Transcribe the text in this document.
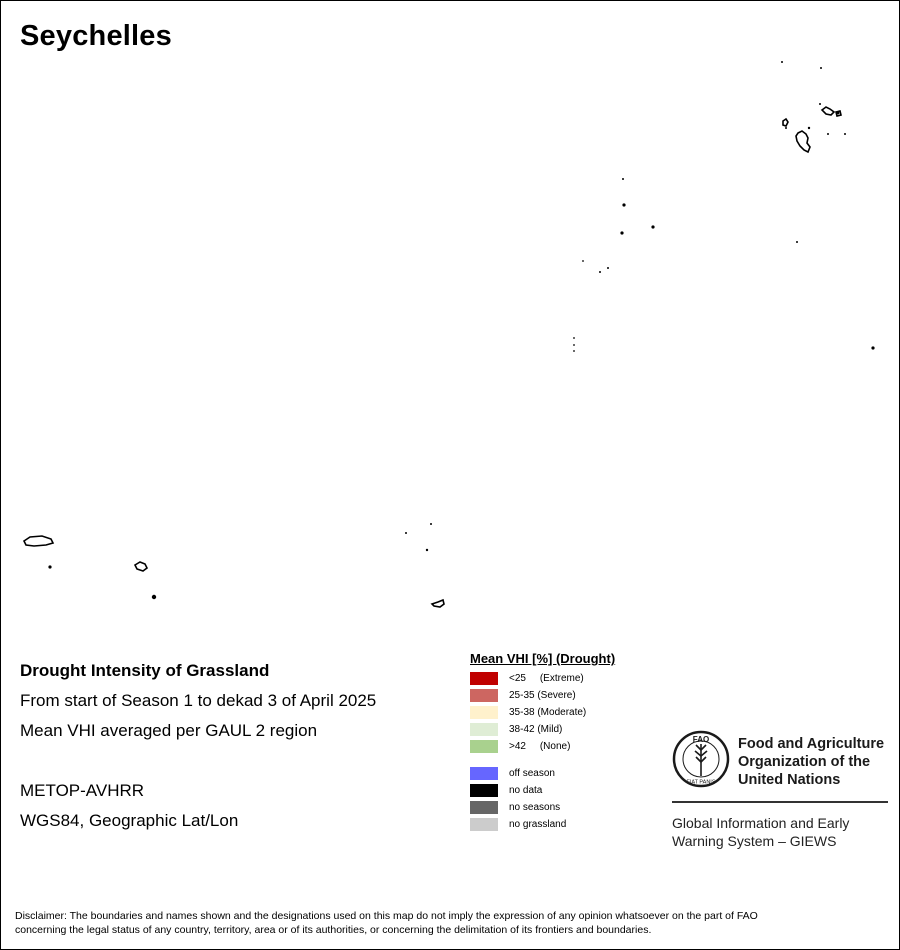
Seychelles
Drought Intensity of Grassland
From start of Season 1 to dekad 3 of April 2025
Mean VHI averaged per GAUL 2 region
METOP-AVHRR
WGS84, Geographic Lat/Lon
Mean VHI [%] (Drought)
<25     (Extreme)
25-35 (Severe)
35-38 (Moderate)
38-42 (Mild)
>42     (None)
off season
no data
no seasons
no grassland
FAO
FIAT PANIS
Food and Agriculture
Organization of the
United Nations
Global Information and Early
Warning System – GIEWS
Disclaimer: The boundaries and names shown and the designations used on this map do not imply the expression of any opinion whatsoever on the part of FAO
concerning the legal status of any country, territory, area or of its authorities, or concerning the delimitation of its frontiers and boundaries.
